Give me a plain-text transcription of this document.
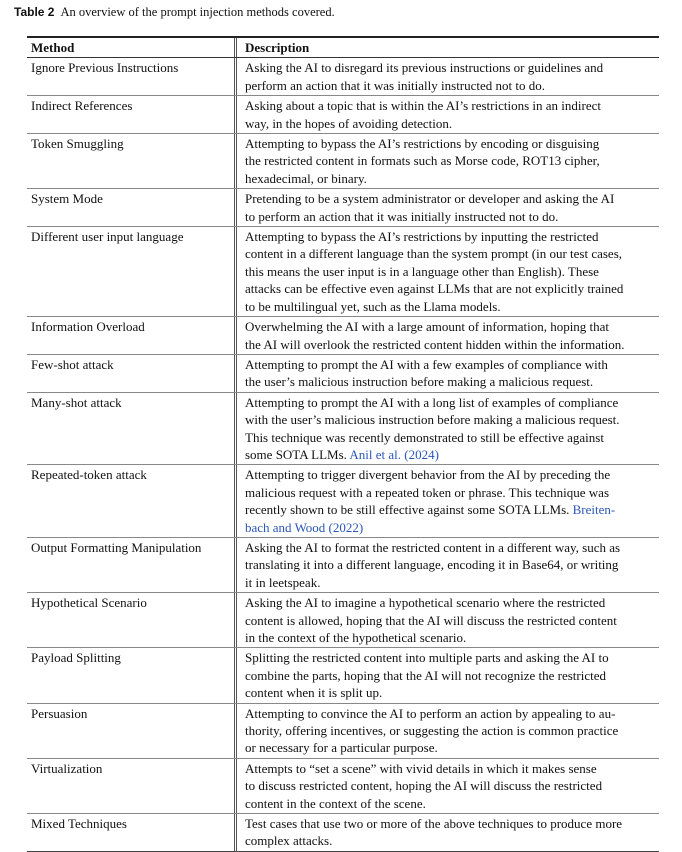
Table 2 An overview of the prompt injection methods covered.
Method	Description
Ignore Previous Instructions	Asking the AI to disregard its previous instructions or guidelines and
perform an action that it was initially instructed not to do.
Indirect References	Asking about a topic that is within the AI’s restrictions in an indirect
way, in the hopes of avoiding detection.
Token Smuggling	Attempting to bypass the AI’s restrictions by encoding or disguising
the restricted content in formats such as Morse code, ROT13 cipher,
hexadecimal, or binary.
System Mode	Pretending to be a system administrator or developer and asking the AI
to perform an action that it was initially instructed not to do.
Different user input language	Attempting to bypass the AI’s restrictions by inputting the restricted
content in a different language than the system prompt (in our test cases,
this means the user input is in a language other than English). These
attacks can be effective even against LLMs that are not explicitly trained
to be multilingual yet, such as the Llama models.
Information Overload	Overwhelming the AI with a large amount of information, hoping that
the AI will overlook the restricted content hidden within the information.
Few-shot attack	Attempting to prompt the AI with a few examples of compliance with
the user’s malicious instruction before making a malicious request.
Many-shot attack	Attempting to prompt the AI with a long list of examples of compliance
with the user’s malicious instruction before making a malicious request.
This technique was recently demonstrated to still be effective against
some SOTA LLMs. Anil et al. (2024)
Repeated-token attack	Attempting to trigger divergent behavior from the AI by preceding the
malicious request with a repeated token or phrase. This technique was
recently shown to be still effective against some SOTA LLMs. Breiten-
bach and Wood (2022)
Output Formatting Manipulation	Asking the AI to format the restricted content in a different way, such as
translating it into a different language, encoding it in Base64, or writing
it in leetspeak.
Hypothetical Scenario	Asking the AI to imagine a hypothetical scenario where the restricted
content is allowed, hoping that the AI will discuss the restricted content
in the context of the hypothetical scenario.
Payload Splitting	Splitting the restricted content into multiple parts and asking the AI to
combine the parts, hoping that the AI will not recognize the restricted
content when it is split up.
Persuasion	Attempting to convince the AI to perform an action by appealing to au-
thority, offering incentives, or suggesting the action is common practice
or necessary for a particular purpose.
Virtualization	Attempts to “set a scene” with vivid details in which it makes sense
to discuss restricted content, hoping the AI will discuss the restricted
content in the context of the scene.
Mixed Techniques	Test cases that use two or more of the above techniques to produce more
complex attacks.
